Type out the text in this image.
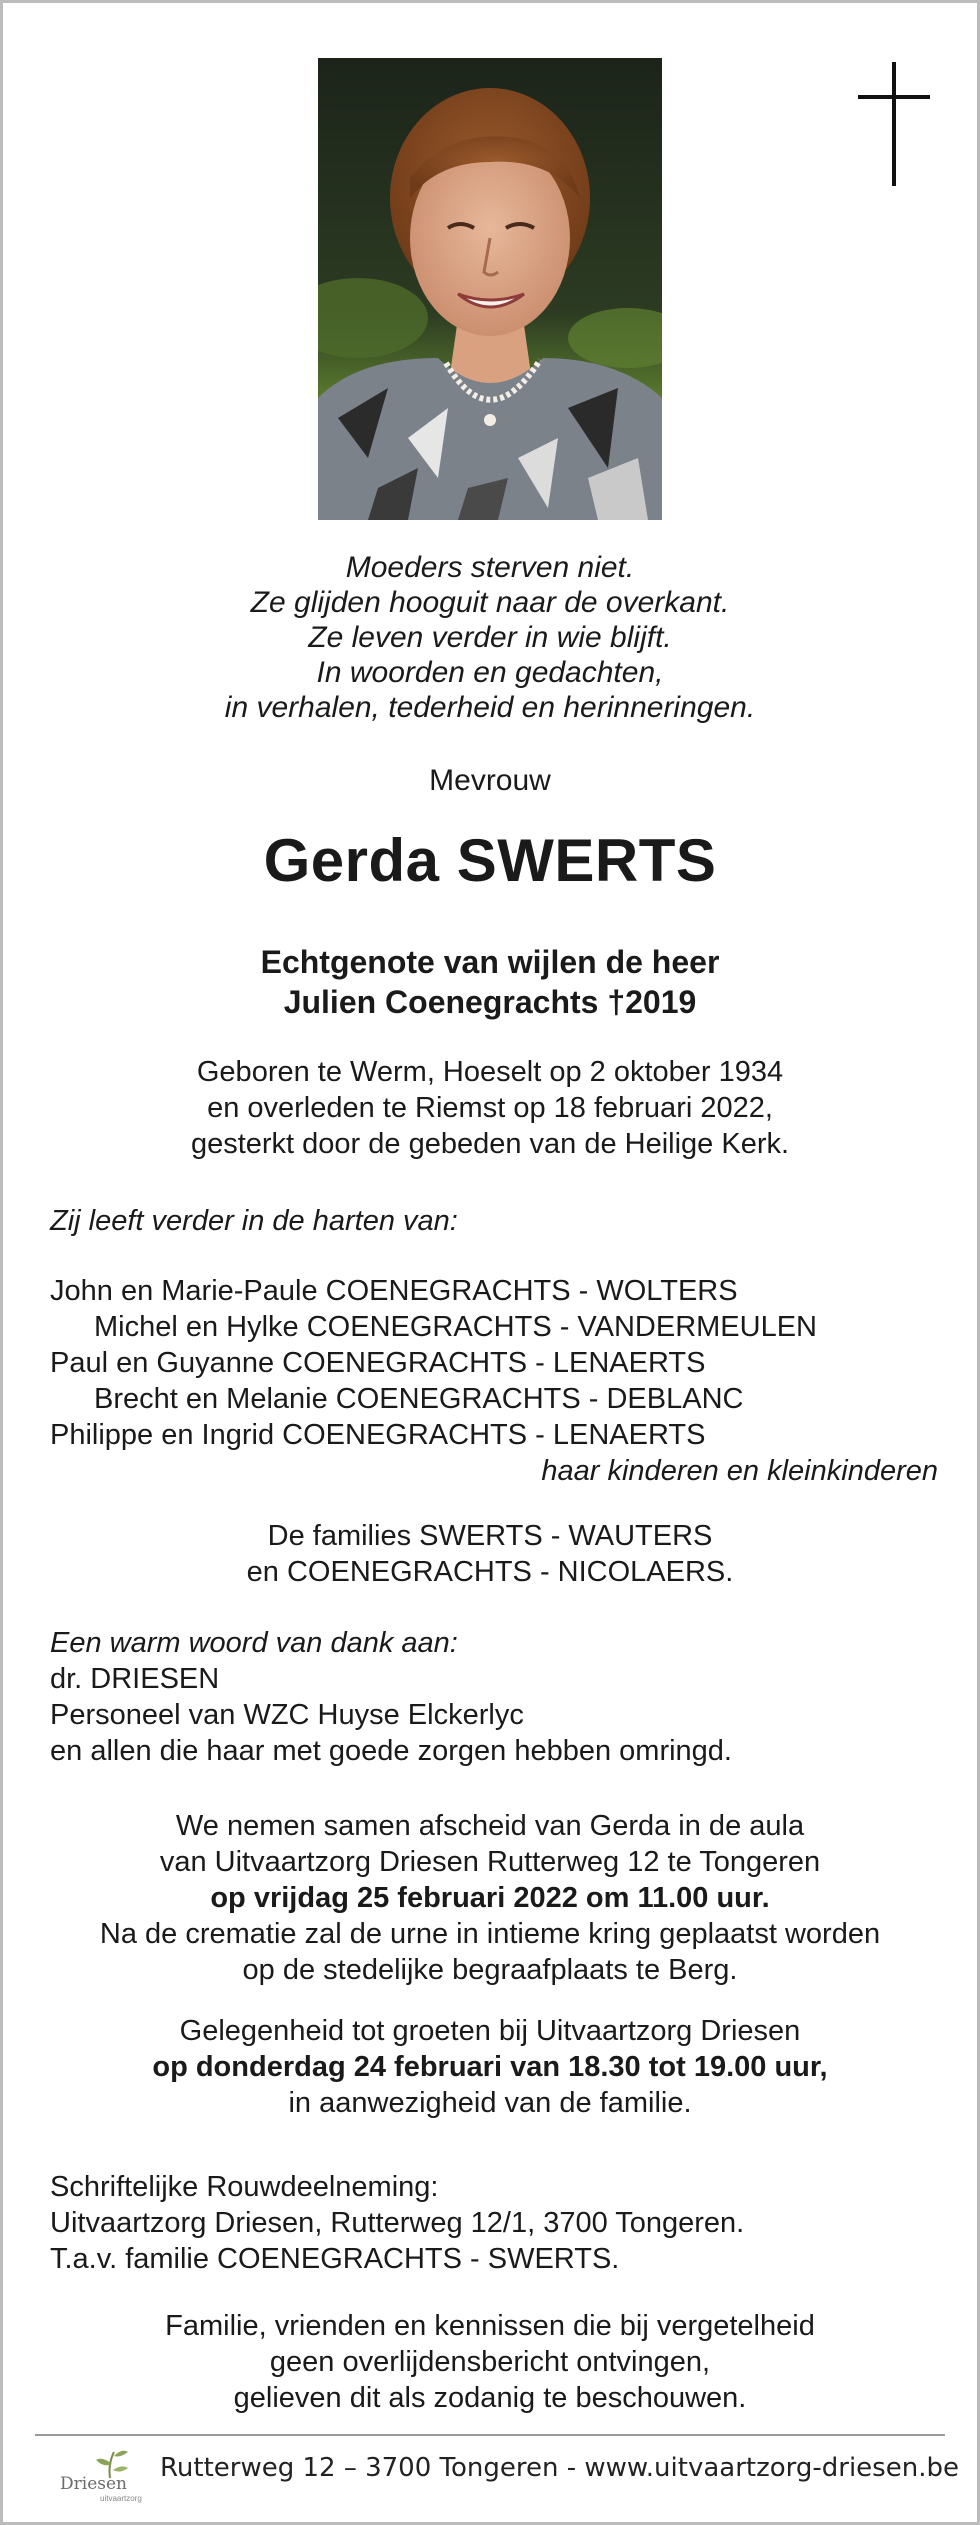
Moeders sterven niet.
Ze glijden hooguit naar de overkant.
Ze leven verder in wie blijft.
In woorden en gedachten,
in verhalen, tederheid en herinneringen.
Mevrouw
Gerda SWERTS
Echtgenote van wijlen de heer
Julien Coenegrachts †2019
Geboren te Werm, Hoeselt op 2 oktober 1934
en overleden te Riemst op 18 februari 2022,
gesterkt door de gebeden van de Heilige Kerk.
Zij leeft verder in de harten van:
John en Marie-Paule COENEGRACHTS - WOLTERS
Michel en Hylke COENEGRACHTS - VANDERMEULEN
Paul en Guyanne COENEGRACHTS - LENAERTS
Brecht en Melanie COENEGRACHTS - DEBLANC
Philippe en Ingrid COENEGRACHTS - LENAERTS
haar kinderen en kleinkinderen
De families SWERTS - WAUTERS
en COENEGRACHTS - NICOLAERS.
Een warm woord van dank aan:
dr. DRIESEN
Personeel van WZC Huyse Elckerlyc
en allen die haar met goede zorgen hebben omringd.
We nemen samen afscheid van Gerda in de aula
van Uitvaartzorg Driesen Rutterweg 12 te Tongeren
op vrijdag 25 februari 2022 om 11.00 uur.
Na de crematie zal de urne in intieme kring geplaatst worden
op de stedelijke begraafplaats te Berg.
Gelegenheid tot groeten bij Uitvaartzorg Driesen
op donderdag 24 februari van 18.30 tot 19.00 uur,
in aanwezigheid van de familie.
Schriftelijke Rouwdeelneming:
Uitvaartzorg Driesen, Rutterweg 12/1, 3700 Tongeren.
T.a.v. familie COENEGRACHTS - SWERTS.
Familie, vrienden en kennissen die bij vergetelheid
geen overlijdensbericht ontvingen,
gelieven dit als zodanig te beschouwen.
Driesen
uitvaartzorg
Rutterweg 12 – 3700 Tongeren - www.uitvaartzorg-driesen.be
